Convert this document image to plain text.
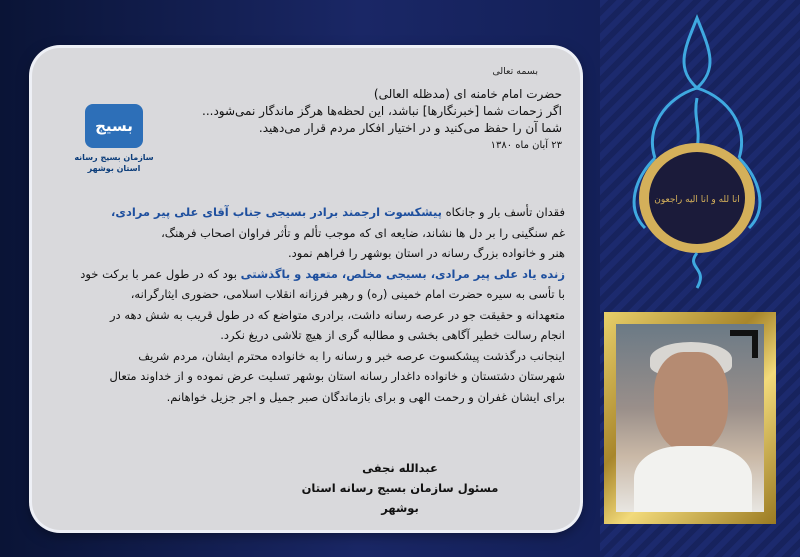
انا لله و انا الیه راجعون
بسمه تعالی
حضرت امام خامنه ای (مدظله العالی)
اگر زحمات شما [خبرنگارها] نباشد، این لحظه‌ها هرگز ماندگار نمی‌شود...
شما آن را حفظ می‌کنید و در اختیار افکار مردم قرار می‌دهید.
۲۳ آبان ماه ۱۳۸۰
بسیج
سازمان بسیج رسانه
استان بوشهر
فقدان تأسف بار و جانکاه پیشکسوت ارجمند برادر بسیجی جناب آقای علی پیر مرادی،
غم سنگینی را بر دل ها نشاند، ضایعه ای که موجب تألم و تأثر فراوان اصحاب فرهنگ،
هنر و خانواده بزرگ رسانه در استان بوشهر را فراهم نمود.
زنده یاد علی پیر مرادی، بسیجی مخلص، متعهد و باگذشتی بود که در طول عمر با برکت خود
با تأسی به سیره حضرت امام خمینی (ره) و رهبر فرزانه انقلاب اسلامی، حضوری ایثارگرانه،
متعهدانه و حقیقت جو در عرصه رسانه داشت، برادری متواضع که در طول قریب به شش دهه در
انجام رسالت خطیر آگاهی بخشی و مطالبه گری از هیچ تلاشی دریغ نکرد.
اینجانب درگذشت پیشکسوت عرصه خبر و رسانه را به خانواده محترم ایشان، مردم شریف
شهرستان دشتستان و خانواده داغدار رسانه استان بوشهر تسلیت عرض نموده و از خداوند متعال
برای ایشان غفران و رحمت الهی و برای بازماندگان صبر جمیل و اجر جزیل خواهانم.
عبدالله نجفی
مسئول سازمان بسیج رسانه استان بوشهر
